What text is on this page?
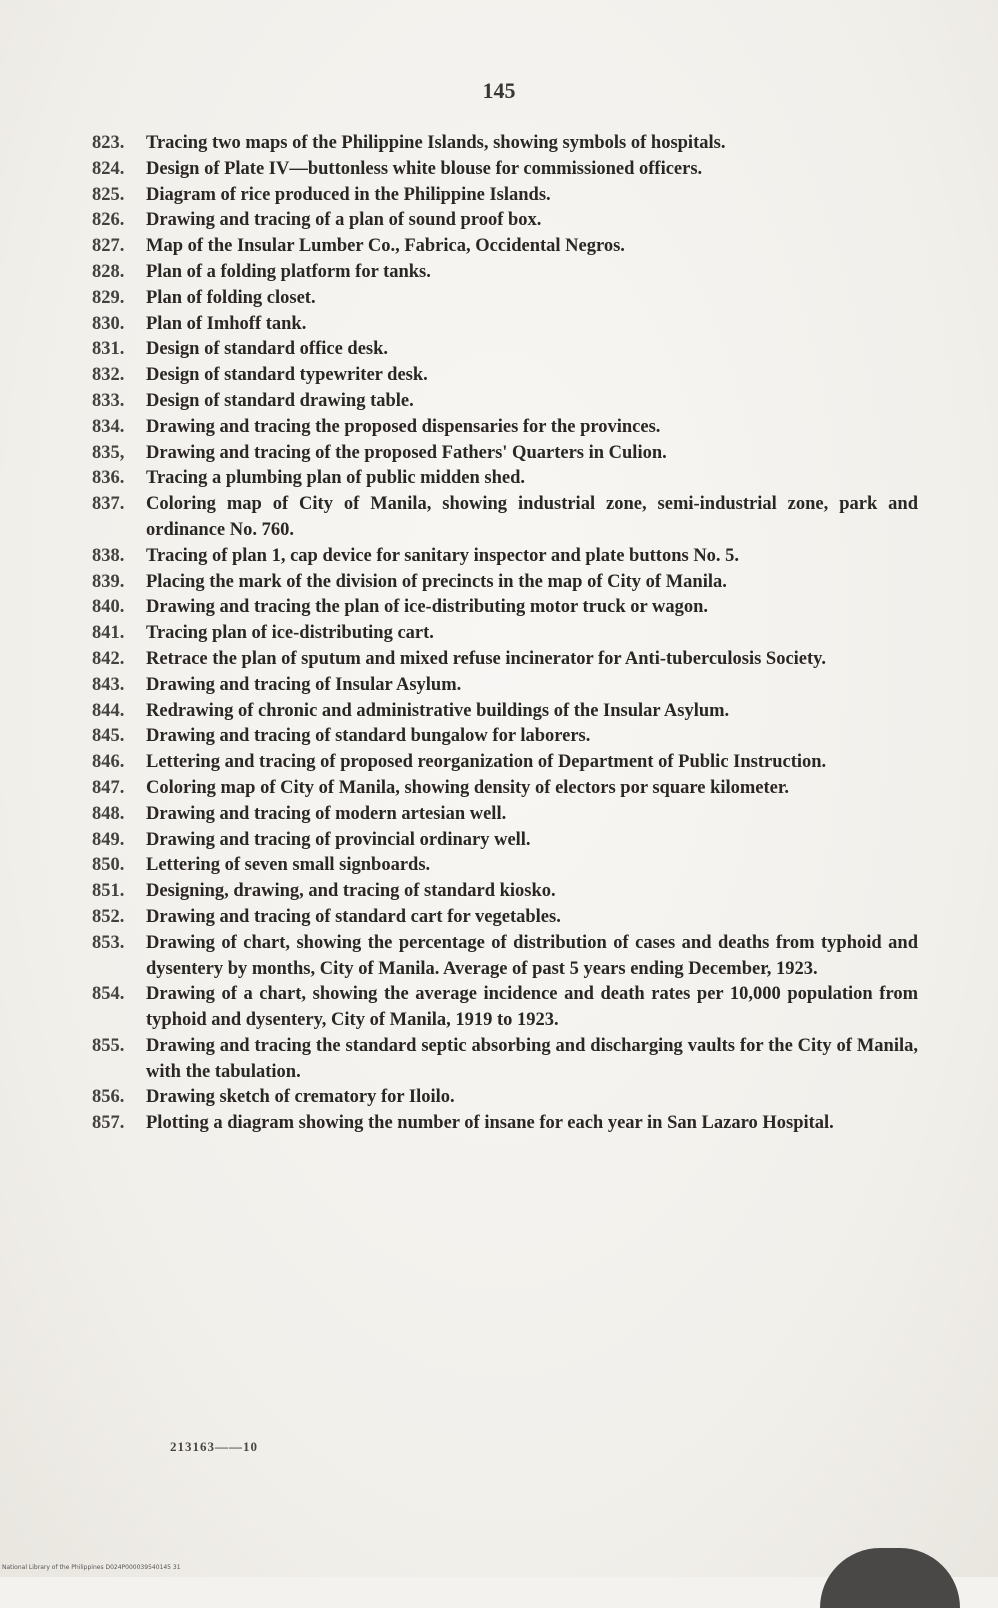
145
823.	Tracing two maps of the Philippine Islands, showing symbols of hospitals.
824.	Design of Plate IV—buttonless white blouse for commissioned officers.
825.	Diagram of rice produced in the Philippine Islands.
826.	Drawing and tracing of a plan of sound proof box.
827.	Map of the Insular Lumber Co., Fabrica, Occidental Negros.
828.	Plan of a folding platform for tanks.
829.	Plan of folding closet.
830.	Plan of Imhoff tank.
831.	Design of standard office desk.
832.	Design of standard typewriter desk.
833.	Design of standard drawing table.
834.	Drawing and tracing the proposed dispensaries for the provinces.
835,	Drawing and tracing of the proposed Fathers' Quarters in Culion.
836.	Tracing a plumbing plan of public midden shed.
837.	Coloring map of City of Manila, showing industrial zone, semi-industrial zone, park and ordinance No. 760.
838.	Tracing of plan 1, cap device for sanitary inspector and plate buttons No. 5.
839.	Placing the mark of the division of precincts in the map of City of Manila.
840.	Drawing and tracing the plan of ice-distributing motor truck or wagon.
841.	Tracing plan of ice-distributing cart.
842.	Retrace the plan of sputum and mixed refuse incinerator for Anti-tuberculosis Society.
843.	Drawing and tracing of Insular Asylum.
844.	Redrawing of chronic and administrative buildings of the Insular Asylum.
845.	Drawing and tracing of standard bungalow for laborers.
846.	Lettering and tracing of proposed reorganization of Department of Public Instruction.
847.	Coloring map of City of Manila, showing density of electors por square kilometer.
848.	Drawing and tracing of modern artesian well.
849.	Drawing and tracing of provincial ordinary well.
850.	Lettering of seven small signboards.
851.	Designing, drawing, and tracing of standard kiosko.
852.	Drawing and tracing of standard cart for vegetables.
853.	Drawing of chart, showing the percentage of distribution of cases and deaths from typhoid and dysentery by months, City of Manila. Average of past 5 years ending December, 1923.
854.	Drawing of a chart, showing the average incidence and death rates per 10,000 population from typhoid and dysentery, City of Manila, 1919 to 1923.
855.	Drawing and tracing the standard septic absorbing and discharging vaults for the City of Manila, with the tabulation.
856.	Drawing sketch of crematory for Iloilo.
857.	Plotting a diagram showing the number of insane for each year in San Lazaro Hospital.
213163——10
National Library of the Philippines D024P000039540145 31
